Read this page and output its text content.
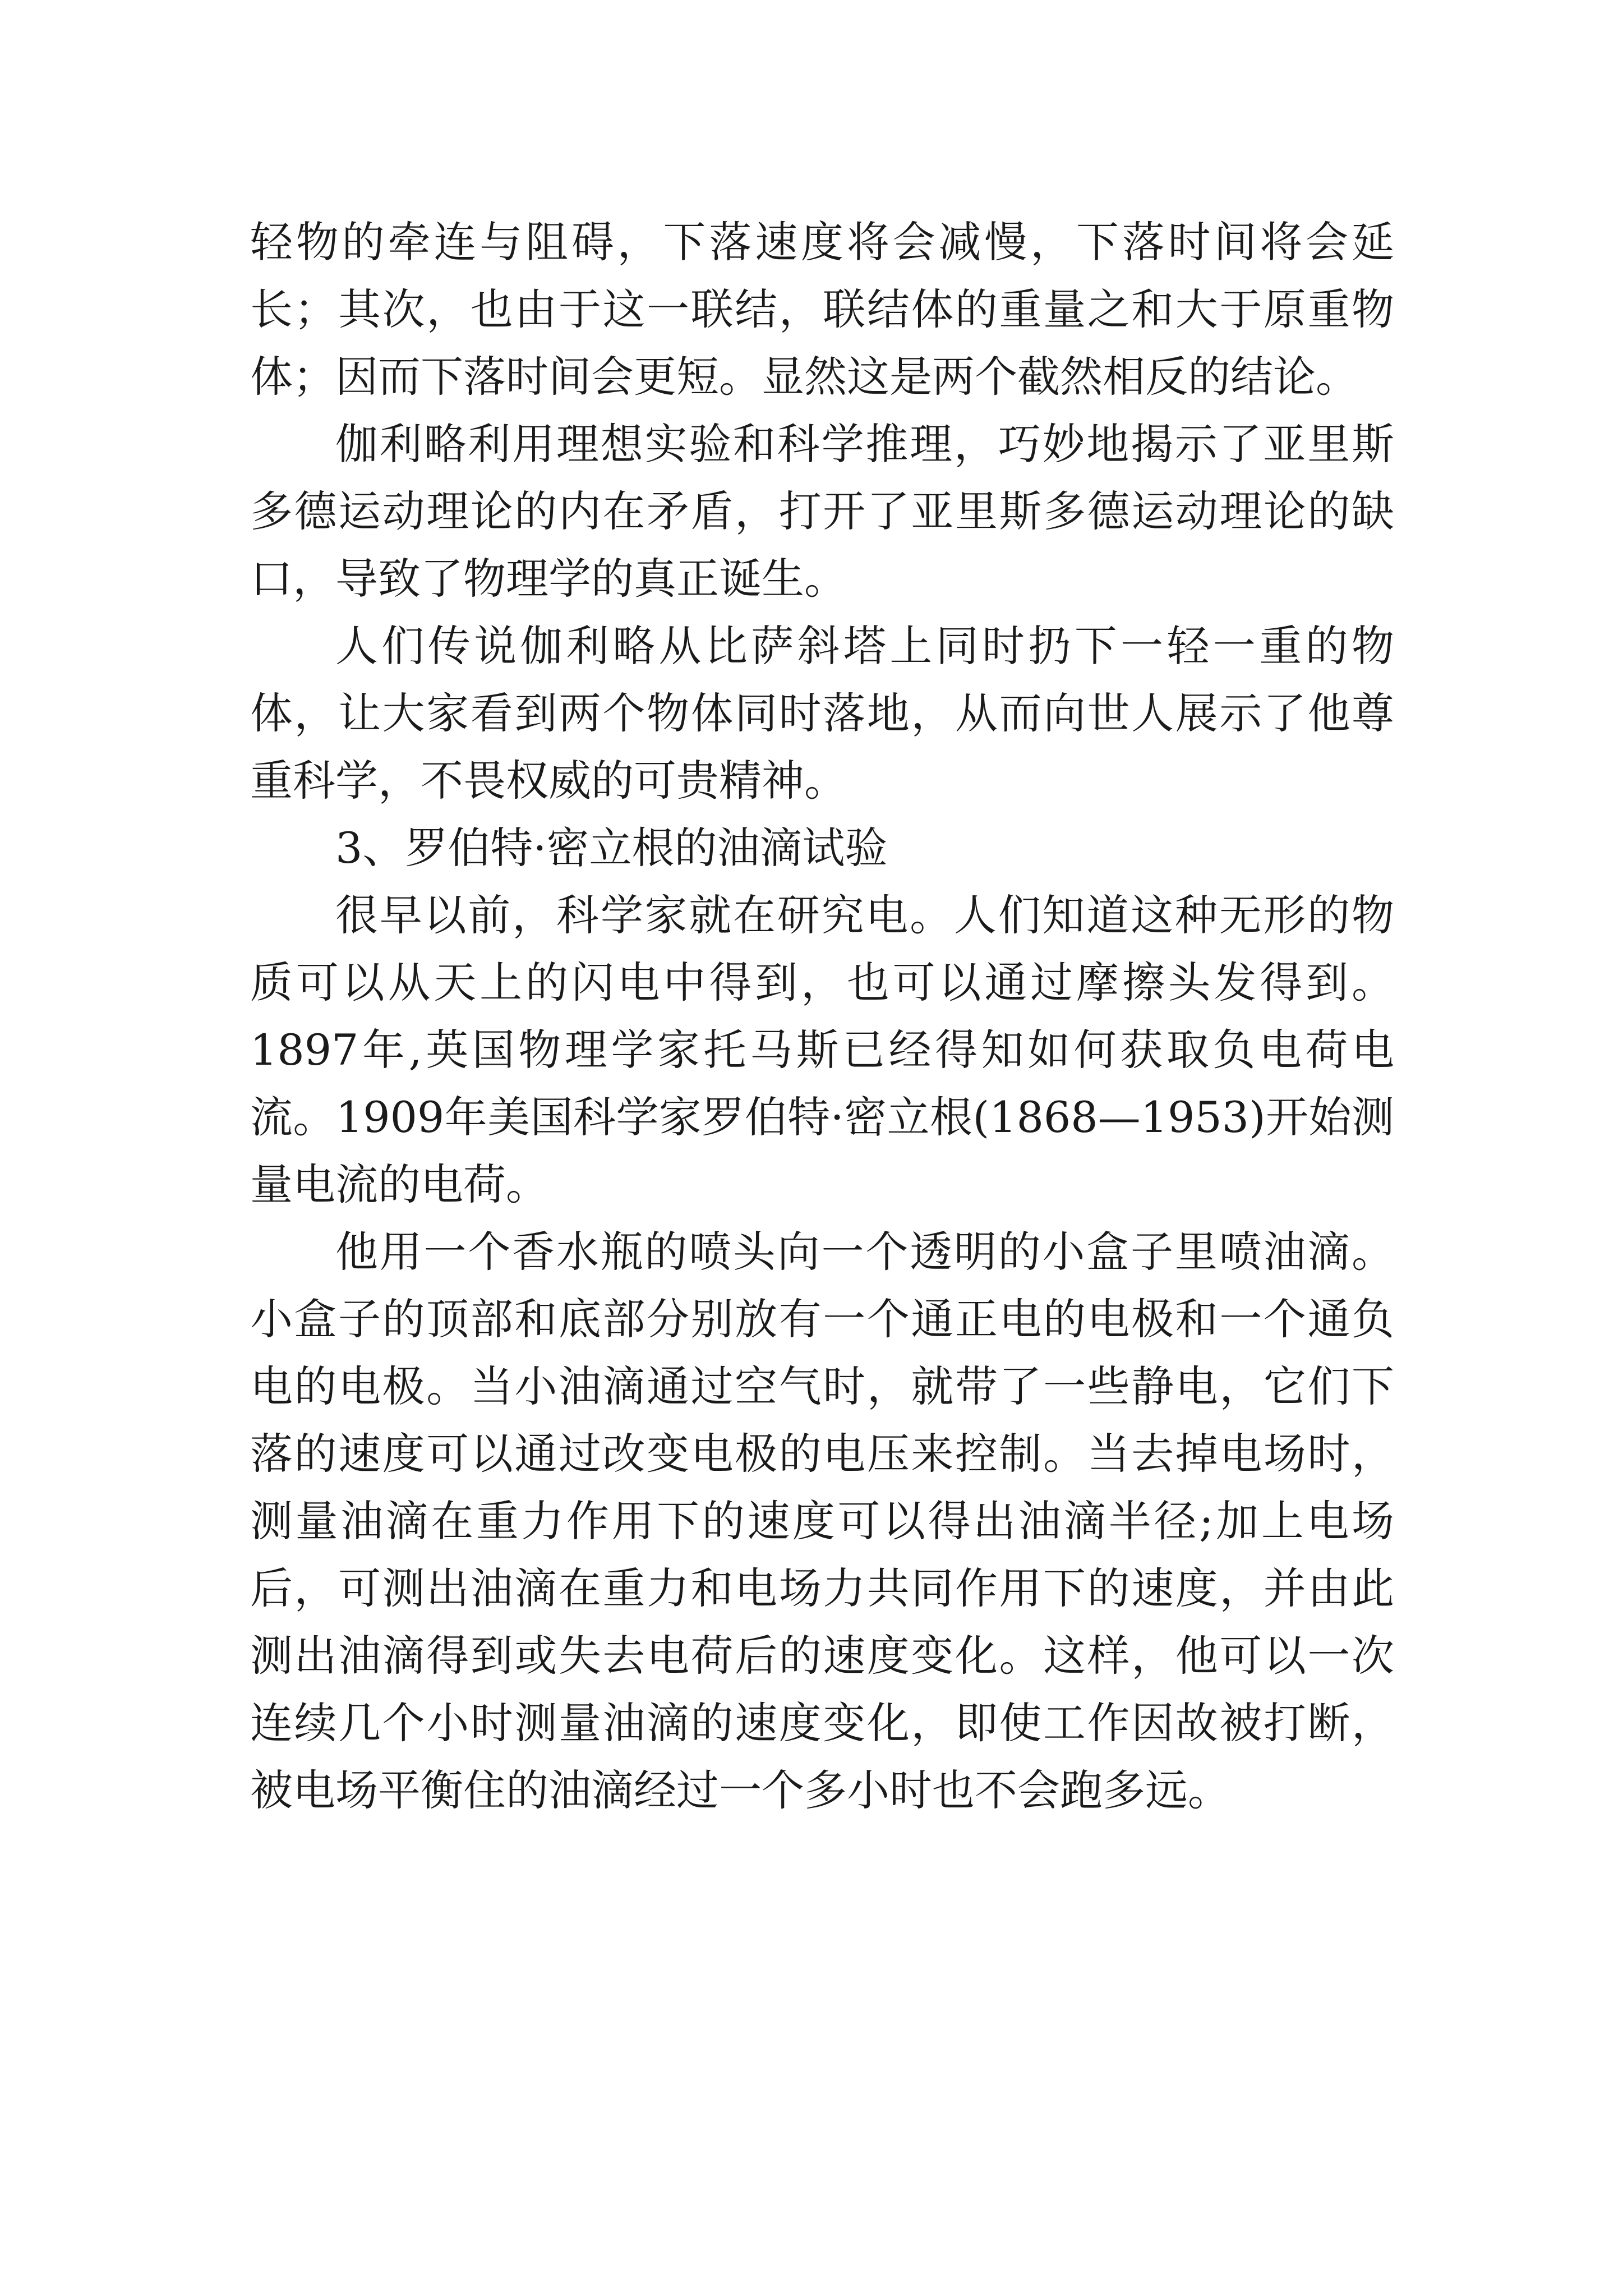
轻物的牵连与阻碍，下落速度将会减慢，下落时间将会延长；其次，也由于这一联结，联结体的重量之和大于原重物体；因而下落时间会更短。显然这是两个截然相反的结论。

伽利略利用理想实验和科学推理，巧妙地揭示了亚里斯多德运动理论的内在矛盾，打开了亚里斯多德运动理论的缺口，导致了物理学的真正诞生。

人们传说伽利略从比萨斜塔上同时扔下一轻一重的物体，让大家看到两个物体同时落地，从而向世人展示了他尊重科学，不畏权威的可贵精神。

3、罗伯特·密立根的油滴试验

很早以前，科学家就在研究电。人们知道这种无形的物质可以从天上的闪电中得到，也可以通过摩擦头发得到。1897年,英国物理学家托马斯已经得知如何获取负电荷电流。1909年美国科学家罗伯特·密立根(1868—1953)开始测量电流的电荷。

他用一个香水瓶的喷头向一个透明的小盒子里喷油滴。小盒子的顶部和底部分别放有一个通正电的电极和一个通负电的电极。当小油滴通过空气时，就带了一些静电，它们下落的速度可以通过改变电极的电压来控制。当去掉电场时，测量油滴在重力作用下的速度可以得出油滴半径;加上电场后，可测出油滴在重力和电场力共同作用下的速度，并由此测出油滴得到或失去电荷后的速度变化。这样，他可以一次连续几个小时测量油滴的速度变化，即使工作因故被打断，被电场平衡住的油滴经过一个多小时也不会跑多远。
